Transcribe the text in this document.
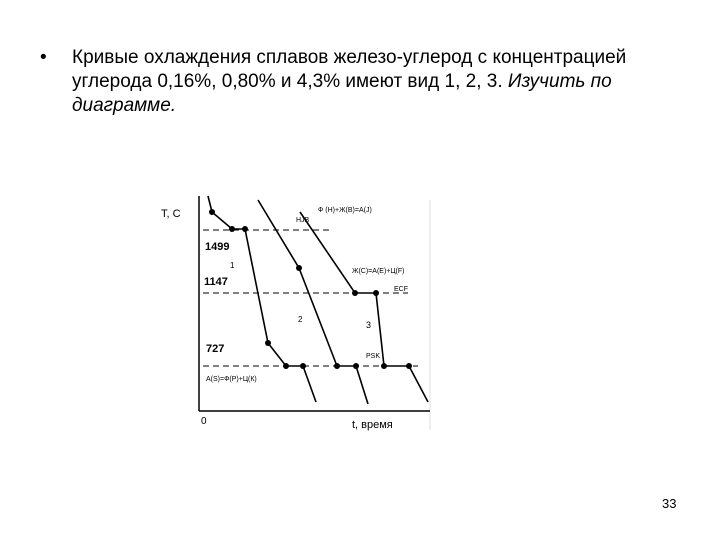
• Кривые охлаждения сплавов железо-углерод с концентрацией
углерода 0,16%, 0,80% и 4,3% имеют вид 1, 2, 3. Изучить по
диаграмме.
T, C
t, время
0
1499
1147
727
1
2
3
HJB
Ф (Н)+Ж(В)=А(J)
Ж(С)=А(Е)+Ц(F)
ECF
PSK
А(S)=Ф(Р)+Ц(К)
33
